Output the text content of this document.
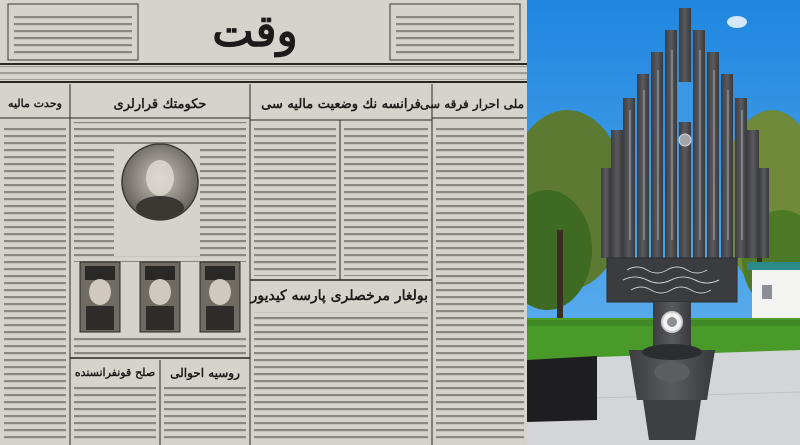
وقت
حکومتك قرارلری	فرانسه نك وضعیت مالیه سی ملی احرار فرقه سی
وحدت مالیه
بولغار مرخصلری پارسه کیدیور
صلح قونفرانسنده	روسیه احوالی
